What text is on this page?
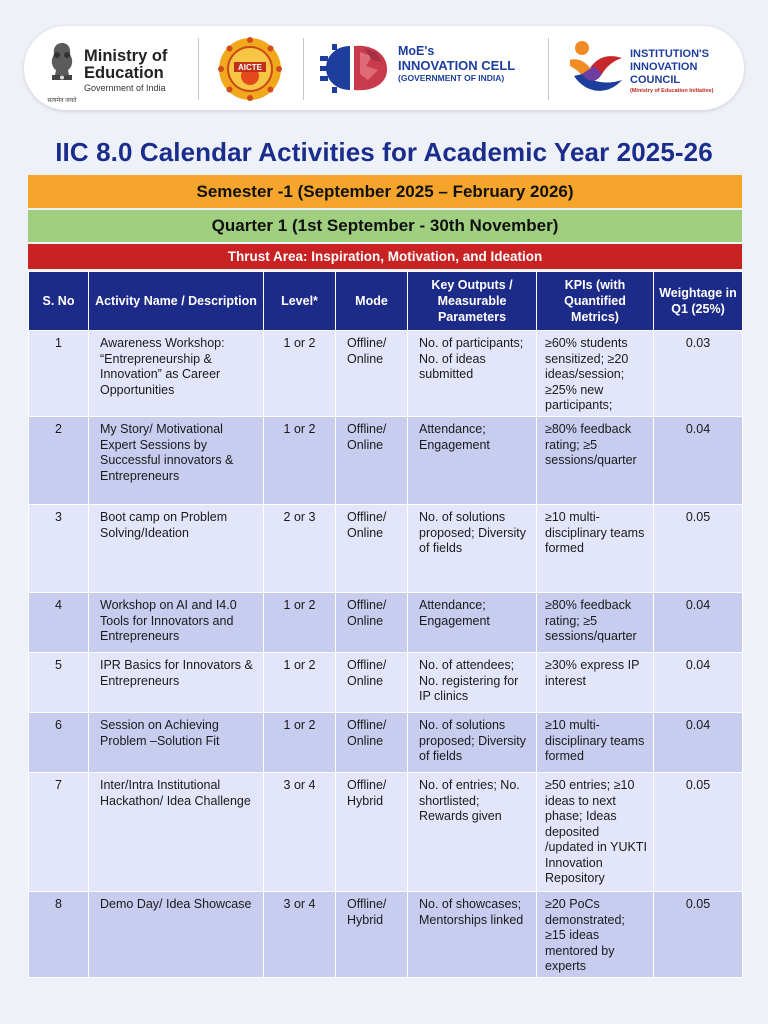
सत्यमेव जयते
Ministry of
Education
Government of India
AICTE
MoE's
INNOVATION CELL
(GOVERNMENT OF INDIA)
INSTITUTION'S
INNOVATION
COUNCIL
(Ministry of Education Initiative)
IIC 8.0 Calendar Activities for Academic Year 2025-26
Semester -1 (September 2025 – February 2026)
Quarter 1 (1st September - 30th November)
Thrust Area: Inspiration, Motivation, and Ideation
S. No	Activity Name / Description	Level*	Mode	Key Outputs / Measurable Parameters	KPIs (with Quantified Metrics)	Weightage in Q1 (25%)
1	Awareness Workshop: “Entrepreneurship & Innovation” as Career Opportunities	1 or 2	Offline/ Online	No. of participants; No. of ideas submitted	≥60% students sensitized; ≥20 ideas/session; ≥25% new participants;	0.03
2	My Story/ Motivational Expert Sessions by Successful innovators & Entrepreneurs	1 or 2	Offline/ Online	Attendance; Engagement	≥80% feedback rating; ≥5 sessions/quarter	0.04
3	Boot camp on Problem Solving/Ideation	2 or 3	Offline/ Online	No. of solutions proposed; Diversity of fields	≥10 multi-disciplinary teams formed	0.05
4	Workshop on AI and I4.0 Tools for Innovators and Entrepreneurs	1 or 2	Offline/ Online	Attendance; Engagement	≥80% feedback rating; ≥5 sessions/quarter	0.04
5	IPR Basics for Innovators & Entrepreneurs	1 or 2	Offline/ Online	No. of attendees; No. registering for IP clinics	≥30% express IP interest	0.04
6	Session on Achieving Problem –Solution Fit	1 or 2	Offline/ Online	No. of solutions proposed; Diversity of fields	≥10 multi-disciplinary teams formed	0.04
7	Inter/Intra Institutional Hackathon/ Idea Challenge	3 or 4	Offline/ Hybrid	No. of entries; No. shortlisted; Rewards given	≥50 entries; ≥10 ideas to next phase; Ideas deposited /updated in YUKTI Innovation Repository	0.05
8	Demo Day/ Idea Showcase	3 or 4	Offline/ Hybrid	No. of showcases; Mentorships linked	≥20 PoCs demonstrated; ≥15 ideas mentored by experts	0.05
